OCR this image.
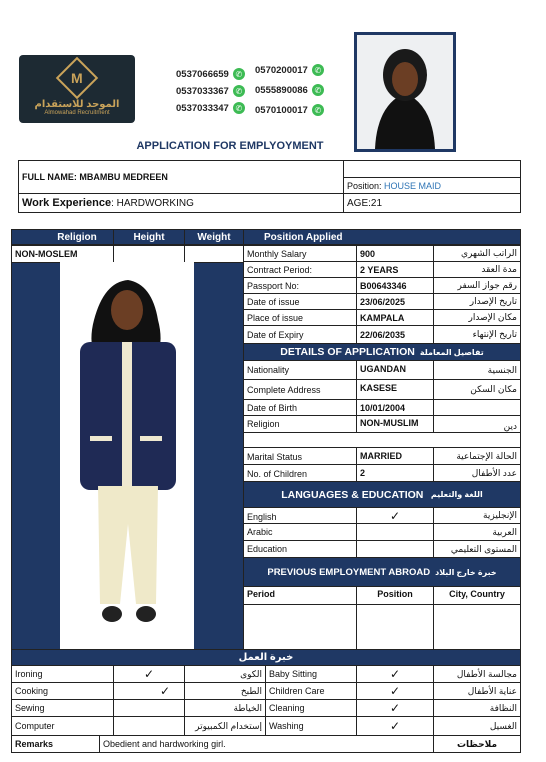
M
الموحد للاستقدام
Almowahad Recruitment
0537066659 ✆
0537033367 ✆
0537033347 ✆
0570200017 ✆
0555890086 ✆
0570100017 ✆
APPLICATION FOR EMPLYOYMENT
FULL NAME:
MBAMBU MEDREEN
Position:
HOUSE MAID
Work Experience : HARDWORKING	AGE:21
Religion	Height	Weight	Position Applied
NON-MOSLEM	Monthly Salary	900	الراتب الشهري
Contract Period:	2 YEARS	مدة العقد
Passport No:	B00643346	رقم جواز السفر
Date of issue	23/06/2025	تاريخ الإصدار
Place of issue	KAMPALA	مكان الإصدار
Date of Expiry	22/06/2035	تاريخ الإنتهاء
DETAILS OF APPLICATION
تفاصيل المعاملة
Nationality	UGANDAN	الجنسية
Complete Address	KASESE	مكان السكن
Date of Birth	10/01/2004
Religion	NON-MUSLIM	دين
Marital Status	MARRIED	الحالة الإجتماعية
No. of Children	2	عدد الأطفال
LANGUAGES & EDUCATION
اللغة والتعليم
English	✓	الإنجليزية
Arabic	العربية
Education	المستوى التعليمي
PREVIOUS EMPLOYMENT ABROAD
خبرة خارج البلاد
Period	Position	City, Country
خبرة العمل
Ironing	✓	الكوى Baby Sitting	✓	مجالسة الأطفال
Cooking	✓	الطبخ Children Care	✓	عناية الأطفال
Sewing	الخياطة Cleaning	✓	النظافة
Computer	إستخدام الكمبيوتر Washing	✓	الغسيل
Remarks	Obedient and hardworking girl.	ملاحظات
